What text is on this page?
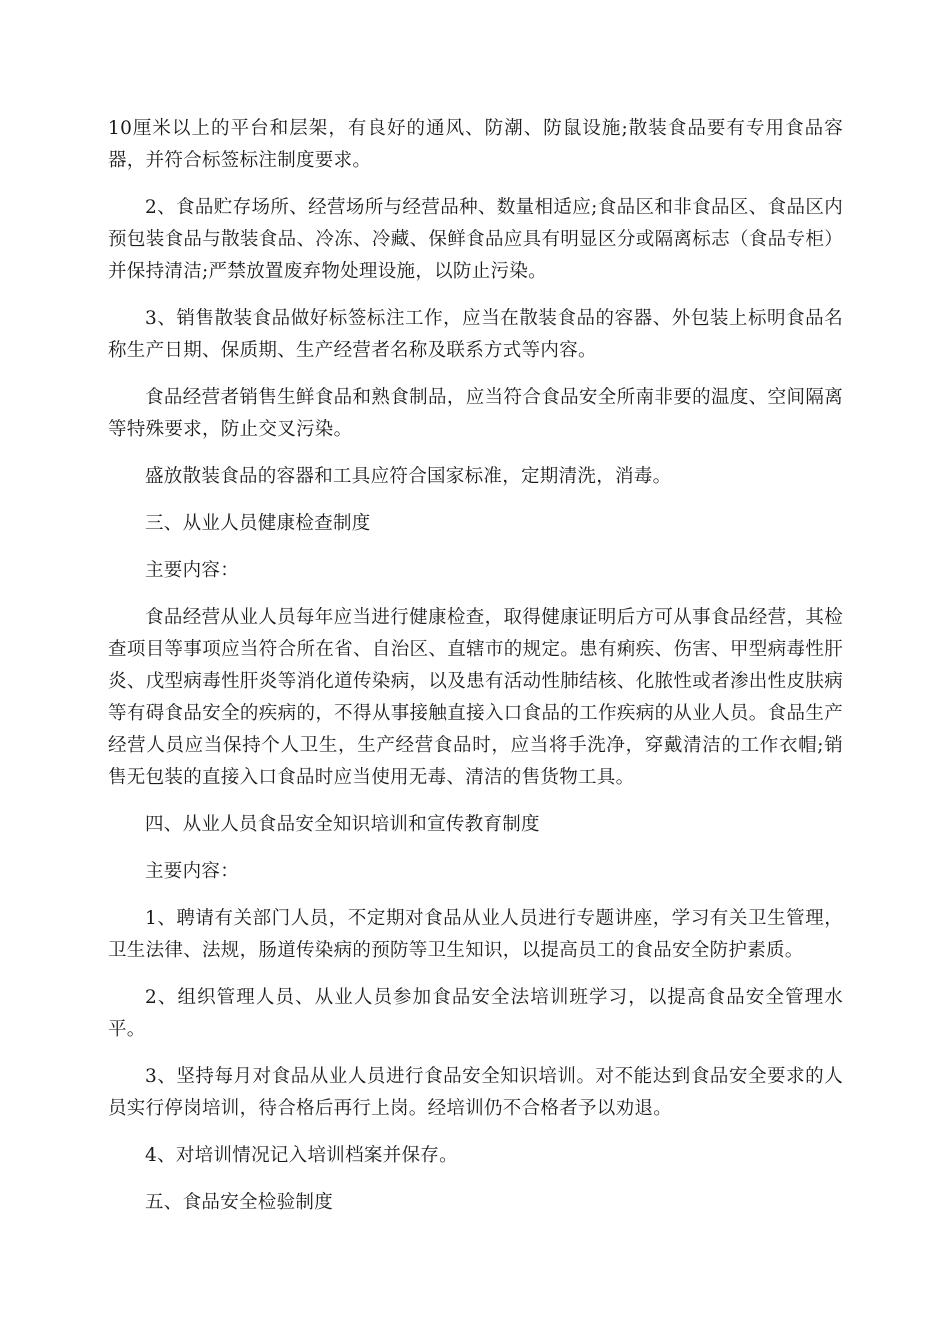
10厘米以上的平台和层架，有良好的通风、防潮、防鼠设施;散装食品要有专用食品容器，并符合标签标注制度要求。

2、食品贮存场所、经营场所与经营品种、数量相适应;食品区和非食品区、食品区内预包装食品与散装食品、冷冻、冷藏、保鲜食品应具有明显区分或隔离标志（食品专柜）并保持清洁;严禁放置废弃物处理设施，以防止污染。

3、销售散装食品做好标签标注工作，应当在散装食品的容器、外包装上标明食品名称生产日期、保质期、生产经营者名称及联系方式等内容。

食品经营者销售生鲜食品和熟食制品，应当符合食品安全所南非要的温度、空间隔离等特殊要求，防止交叉污染。

盛放散装食品的容器和工具应符合国家标准，定期清洗，消毒。

三、从业人员健康检查制度

主要内容：

食品经营从业人员每年应当进行健康检查，取得健康证明后方可从事食品经营，其检查项目等事项应当符合所在省、自治区、直辖市的规定。患有痢疾、伤害、甲型病毒性肝炎、戊型病毒性肝炎等消化道传染病，以及患有活动性肺结核、化脓性或者渗出性皮肤病等有碍食品安全的疾病的，不得从事接触直接入口食品的工作疾病的从业人员。食品生产经营人员应当保持个人卫生，生产经营食品时，应当将手洗净，穿戴清洁的工作衣帽;销售无包装的直接入口食品时应当使用无毒、清洁的售货物工具。

四、从业人员食品安全知识培训和宣传教育制度

主要内容：

1、聘请有关部门人员，不定期对食品从业人员进行专题讲座，学习有关卫生管理，卫生法律、法规，肠道传染病的预防等卫生知识，以提高员工的食品安全防护素质。

2、组织管理人员、从业人员参加食品安全法培训班学习，以提高食品安全管理水平。

3、坚持每月对食品从业人员进行食品安全知识培训。对不能达到食品安全要求的人员实行停岗培训，待合格后再行上岗。经培训仍不合格者予以劝退。

4、对培训情况记入培训档案并保存。

五、食品安全检验制度
